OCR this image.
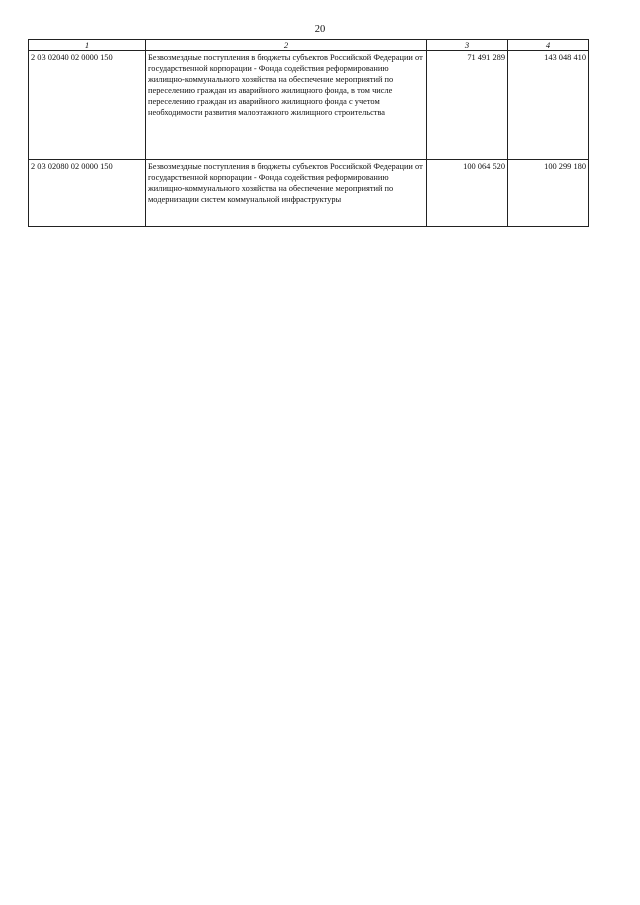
20
1	2	3	4
2 03 02040 02 0000 150	Безвозмездные поступления в бюджеты субъектов Российской Федерации от государственной корпорации - Фонда содействия реформированию жилищно-коммунального хозяйства на обеспечение мероприятий по переселению граждан из аварийного жилищного фонда, в том числе переселению граждан из аварийного жилищного фонда с учетом необходимости развития малоэтажного жилищного строительства	71 491 289	143 048 410
2 03 02080 02 0000 150	Безвозмездные поступления в бюджеты субъектов Российской Федерации от государственной корпорации - Фонда содействия реформированию жилищно-коммунального хозяйства на обеспечение мероприятий по модернизации систем коммунальной инфраструктуры	100 064 520	100 299 180
